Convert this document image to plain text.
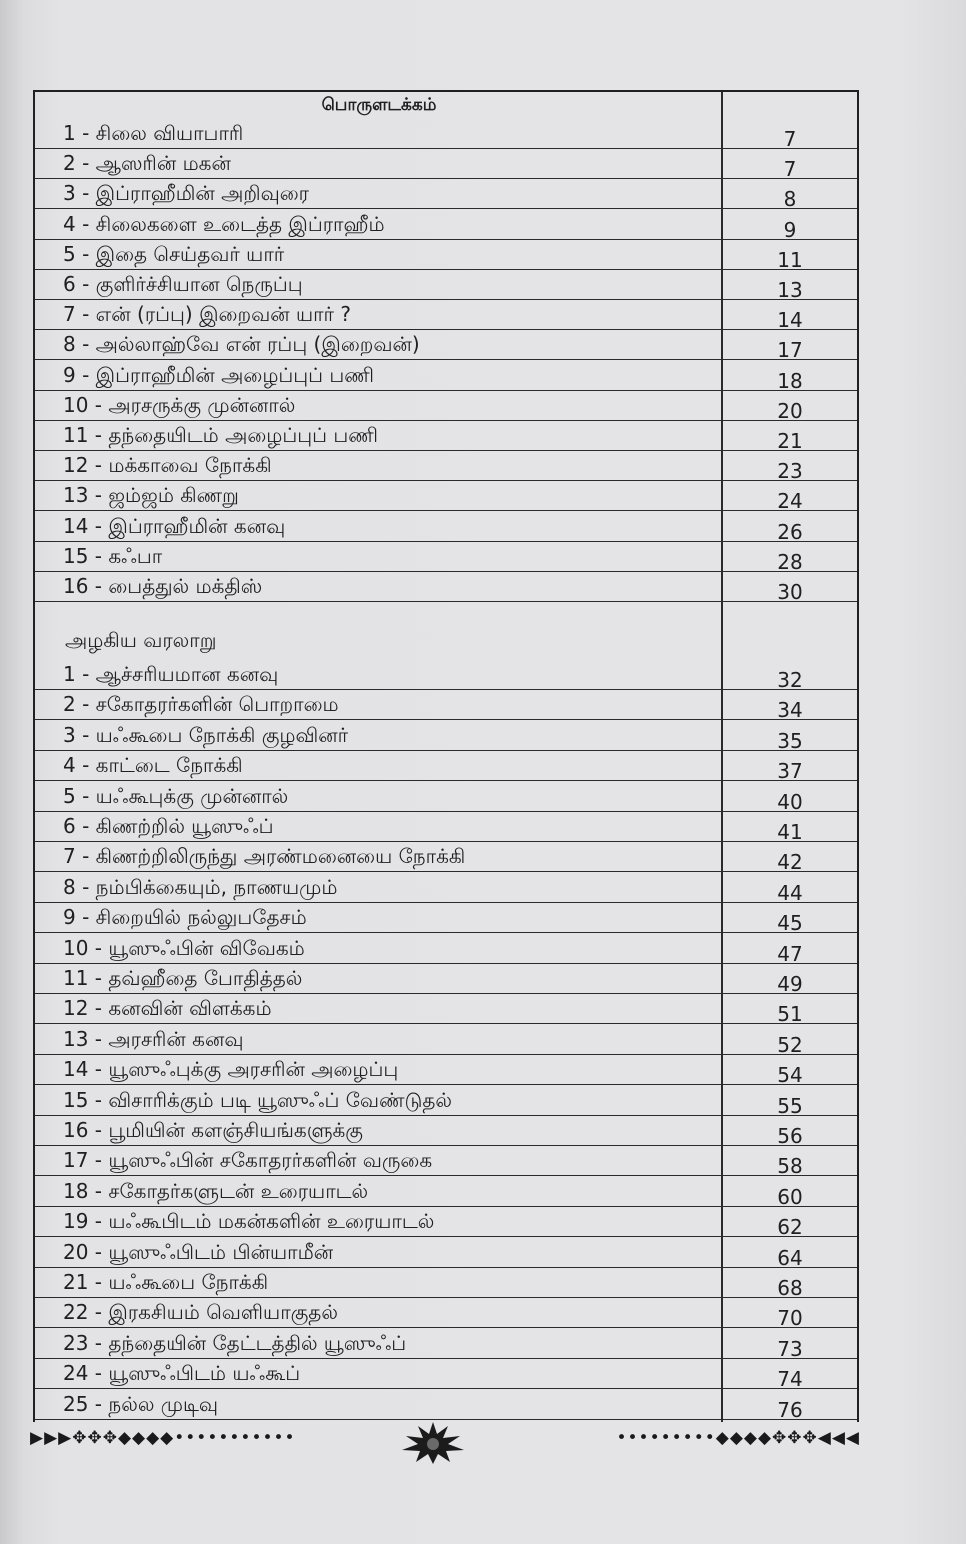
பொருளடக்கம்
அழகிய வரலாறு
1 - சிலை வியாபாரி	7
2 - ஆஸரின் மகன்	7
3 - இப்ராஹீமின் அறிவுரை	8
4 - சிலைகளை உடைத்த இப்ராஹீம்	9
5 - இதை செய்தவர் யார்	11
6 - குளிர்ச்சியான நெருப்பு	13
7 - என் (ரப்பு) இறைவன் யார் ?	14
8 - அல்லாஹ்வே என் ரப்பு (இறைவன்)	17
9 - இப்ராஹீமின் அழைப்புப் பணி	18
10 - அரசருக்கு முன்னால்	20
11 - தந்தையிடம் அழைப்புப் பணி	21
12 - மக்காவை நோக்கி	23
13 - ஜம்ஜம் கிணறு	24
14 - இப்ராஹீமின் கனவு	26
15 - கஃபா	28
16 - பைத்துல் மக்திஸ்	30
1 - ஆச்சரியமான கனவு	32
2 - சகோதரர்களின் பொறாமை	34
3 - யஃகூபை நோக்கி குழவினர்	35
4 - காட்டை நோக்கி	37
5 - யஃகூபுக்கு முன்னால்	40
6 - கிணற்றில் யூஸுஃப்	41
7 - கிணற்றிலிருந்து அரண்மனையை நோக்கி	42
8 - நம்பிக்கையும், நாணயமும்	44
9 - சிறையில் நல்லுபதேசம்	45
10 - யூஸுஃபின் விவேகம்	47
11 - தவ்ஹீதை போதித்தல்	49
12 - கனவின் விளக்கம்	51
13 - அரசரின் கனவு	52
14 - யூஸுஃபுக்கு அரசரின் அழைப்பு	54
15 - விசாரிக்கும் படி யூஸுஃப் வேண்டுதல்	55
16 - பூமியின் களஞ்சியங்களுக்கு	56
17 - யூஸுஃபின் சகோதரர்களின் வருகை	58
18 - சகோதர்களுடன் உரையாடல்	60
19 - யஃகூபிடம் மகன்களின் உரையாடல்	62
20 - யூஸுஃபிடம் பின்யாமீன்	64
21 - யஃகூபை நோக்கி	68
22 - இரகசியம் வெளியாகுதல்	70
23 - தந்தையின் தேட்டத்தில் யூஸுஃப்	73
24 - யூஸுஃபிடம் யஃகூப்	74
25 - நல்ல முடிவு	76
▶▶▶✥✥✥◆◆◆◆•••••••••••	•••••••••◆◆◆◆✥✥✥◀◀◀
